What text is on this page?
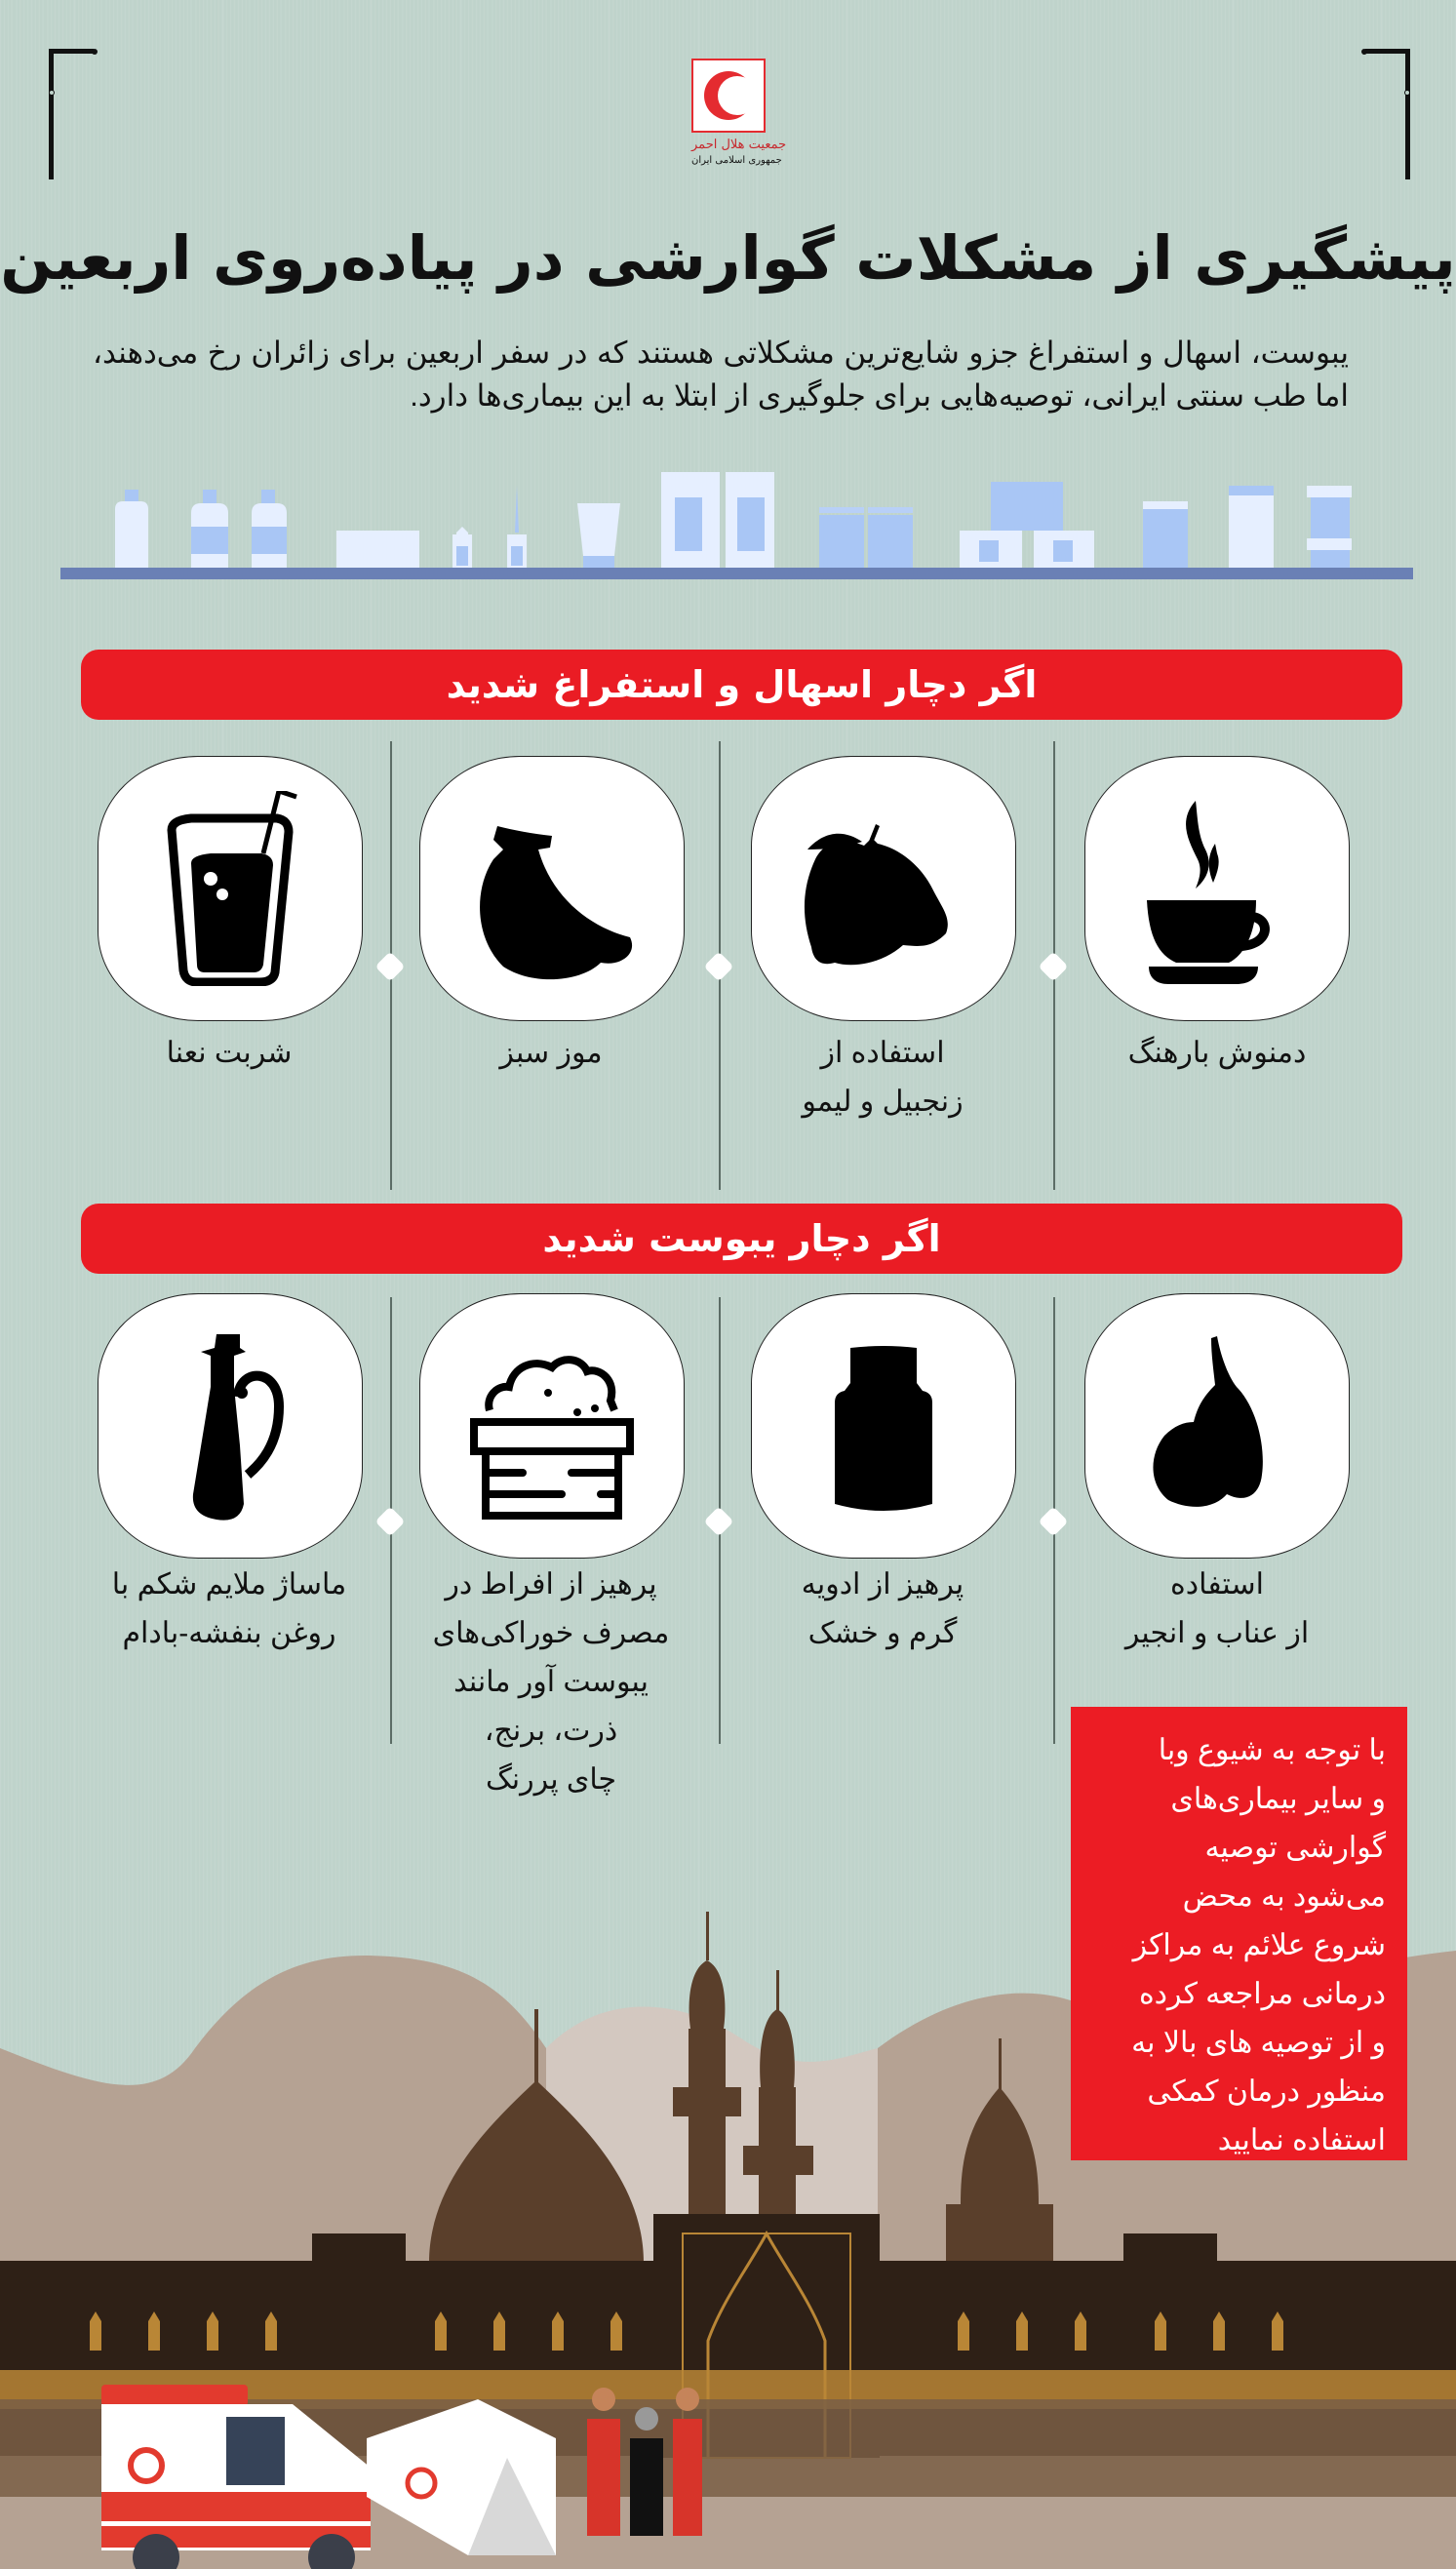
جمعیت هلال احمر
جمهوری اسلامی ایران
پیشگیری از مشکلات گوارشی در پیاده‌روی اربعین
یبوست، اسهال و استفراغ جزو شایع‌ترین مشکلاتی هستند که در سفر اربعین برای زائران رخ می‌دهند، اما طب سنتی ایرانی، توصیه‌هایی برای جلوگیری از ابتلا به این بیماری‌ها دارد.
اگر دچار اسهال و استفراغ شدید
دمنوش بارهنگ
استفاده از
زنجبیل و لیمو
موز سبز
شربت نعنا
اگر دچار یبوست شدید
استفاده
از عناب و انجیر
پرهیز از ادویه
گرم و خشک
پرهیز از افراط در
مصرف خوراکی‌های
یبوست آور مانند
ذرت، برنج،
چای پررنگ
ماساژ ملایم شکم با
روغن بنفشه-بادام
با توجه به شیوع وبا
و سایر بیماری‌های
گوارشی توصیه
می‌شود به محض
شروع علائم به مراکز
درمانی مراجعه کرده
و از توصیه های بالا به
منظور درمان کمکی
استفاده نمایید
